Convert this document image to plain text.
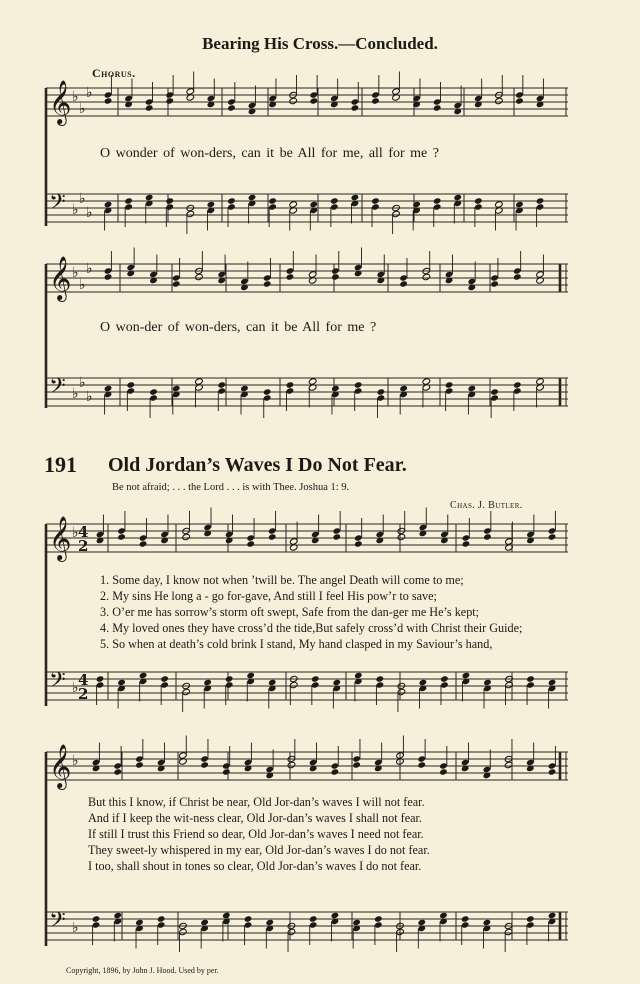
Bearing His Cross.—Concluded.
Chorus.
𝄞 ♭
♭
♭
𝄢 ♭
♭
♭
O wonder of won-ders, can it be All for me, all for me ?
𝄞 ♭
♭
♭
𝄢 ♭
♭
♭
O won-der of won-ders, can it be All for me ?
191 Old Jordan’s Waves I Do Not Fear.
Be not afraid; . . . the Lord . . . is with Thee. Joshua 1: 9.
Chas. J. Butler.
𝄞 ♭ 4
2
𝄢 ♭ 4
2
1. Some day, I know not when ’twill be. The angel Death will come to me;
2. My sins He long a - go for-gave, And still I feel His pow’r to save;
3. O’er me has sorrow’s storm oft swept, Safe from the dan-ger me He’s kept;
4. My loved ones they have cross’d the tide,But safely cross’d with Christ their Guide;
5. So when at death’s cold brink I stand, My hand clasped in my Saviour’s hand,
𝄞 ♭
𝄢 ♭
But this I know, if Christ be near, Old Jor-dan’s waves I will not fear.
And if I keep the wit-ness clear, Old Jor-dan’s waves I shall not fear.
If still I trust this Friend so dear, Old Jor-dan’s waves I need not fear.
They sweet-ly whispered in my ear, Old Jor-dan’s waves I do not fear.
I too, shall shout in tones so clear, Old Jor-dan’s waves I do not fear.
Copyright, 1896, by John J. Hood. Used by per.
